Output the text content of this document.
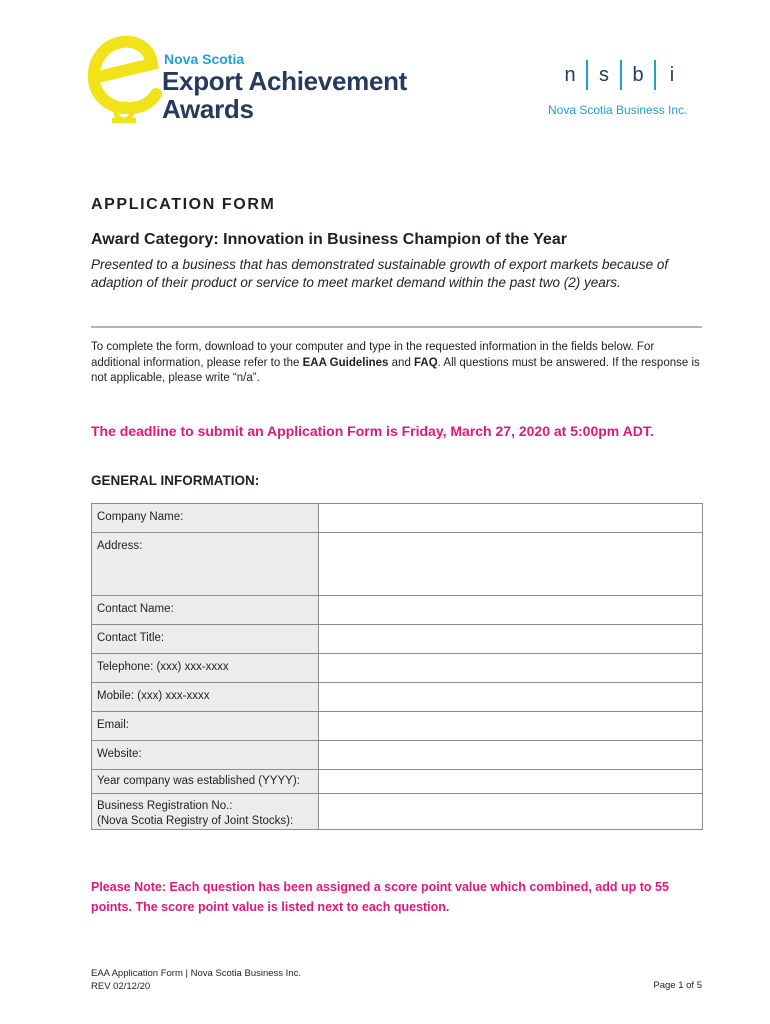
Nova Scotia
Export Achievement
Awards
n s b	i
Nova Scotia Business Inc.
APPLICATION FORM
Award Category: Innovation in Business Champion of the Year
Presented to a business that has demonstrated sustainable growth of export markets because of adaption of their product or service to meet market demand within the past two (2) years.
To complete the form, download to your computer and type in the requested information in the fields below. For additional information, please refer to the EAA Guidelines and FAQ. All questions must be answered. If the response is not applicable, please write “n/a”.
The deadline to submit an Application Form is Friday, March 27, 2020 at 5:00pm ADT.
GENERAL INFORMATION:
Company Name:	
Address:	
Contact Name:	
Contact Title:	
Telephone: (xxx) xxx-xxxx	
Mobile: (xxx) xxx-xxxx	
Email:	
Website:	
Year company was established (YYYY):	

Business Registration No.:
(Nova Scotia Registry of Joint Stocks):	

Please Note: Each question has been assigned a score point value which combined, add up to 55 points. The score point value is listed next to each question.
EAA Application Form | Nova Scotia Business Inc.
REV 02/12/20	Page 1 of 5
